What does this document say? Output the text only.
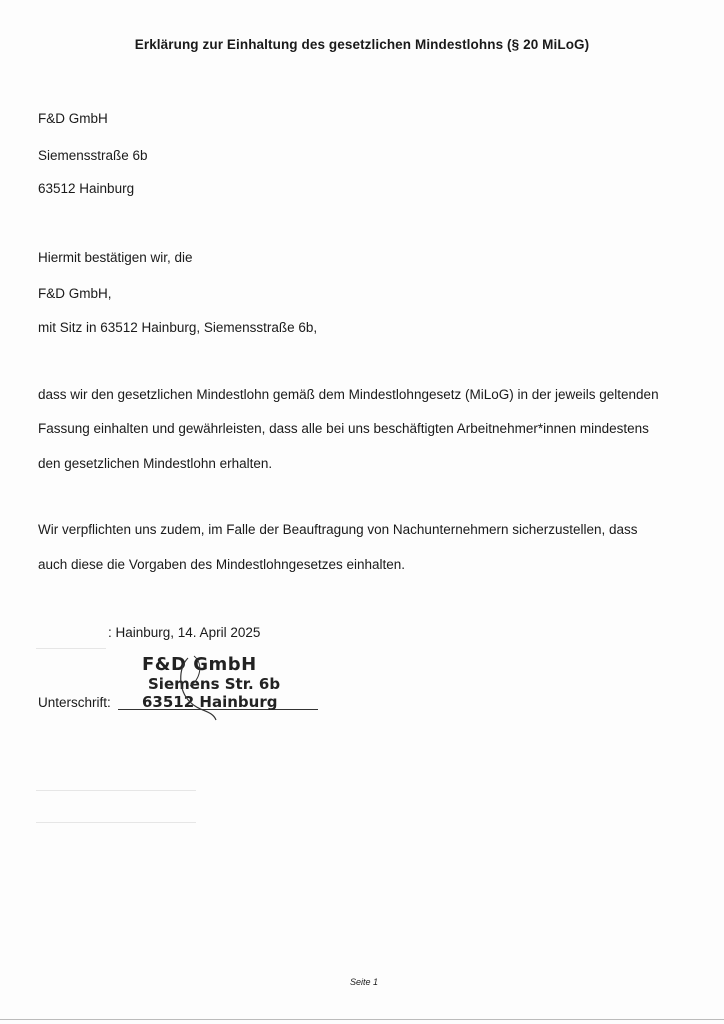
Erklärung zur Einhaltung des gesetzlichen Mindestlohns (§ 20 MiLoG)
F&D GmbH
Siemensstraße 6b
63512 Hainburg
Hiermit bestätigen wir, die
F&D GmbH,
mit Sitz in 63512 Hainburg, Siemensstraße 6b,
dass wir den gesetzlichen Mindestlohn gemäß dem Mindestlohngesetz (MiLoG) in der jeweils geltenden
Fassung einhalten und gewährleisten, dass alle bei uns beschäftigten Arbeitnehmer*innen mindestens
den gesetzlichen Mindestlohn erhalten.
Wir verpflichten uns zudem, im Falle der Beauftragung von Nachunternehmern sicherzustellen, dass
auch diese die Vorgaben des Mindestlohngesetzes einhalten.
: Hainburg, 14. April 2025
Unterschrift:
F&D GmbH
Siemens Str. 6b
63512 Hainburg
Seite 1
